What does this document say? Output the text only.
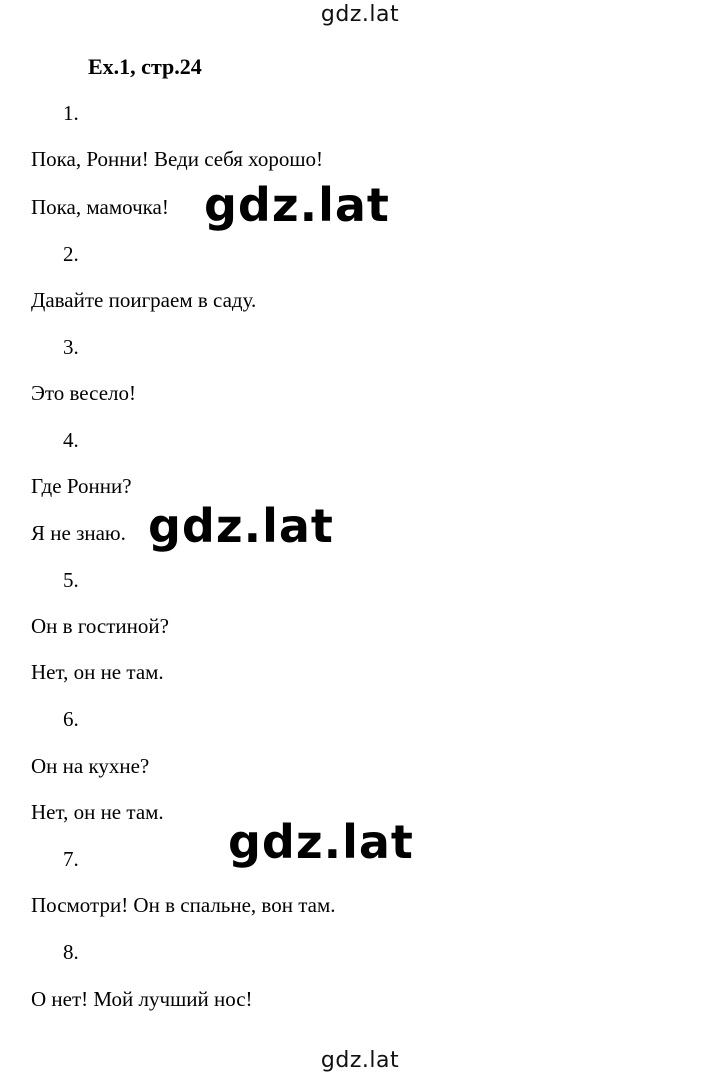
gdz.lat
Ex.1, стр.24
1.
Пока, Ронни! Веди себя хорошо!
Пока, мамочка!
2.
Давайте поиграем в саду.
3.
Это весело!
4.
Где Ронни?
Я не знаю.
5.
Он в гостиной?
Нет, он не там.
6.
Он на кухне?
Нет, он не там.
7.
Посмотри! Он в спальне, вон там.
8.
О нет! Мой лучший нос!
gdz.lat
gdz.lat
gdz.lat
gdz.lat
